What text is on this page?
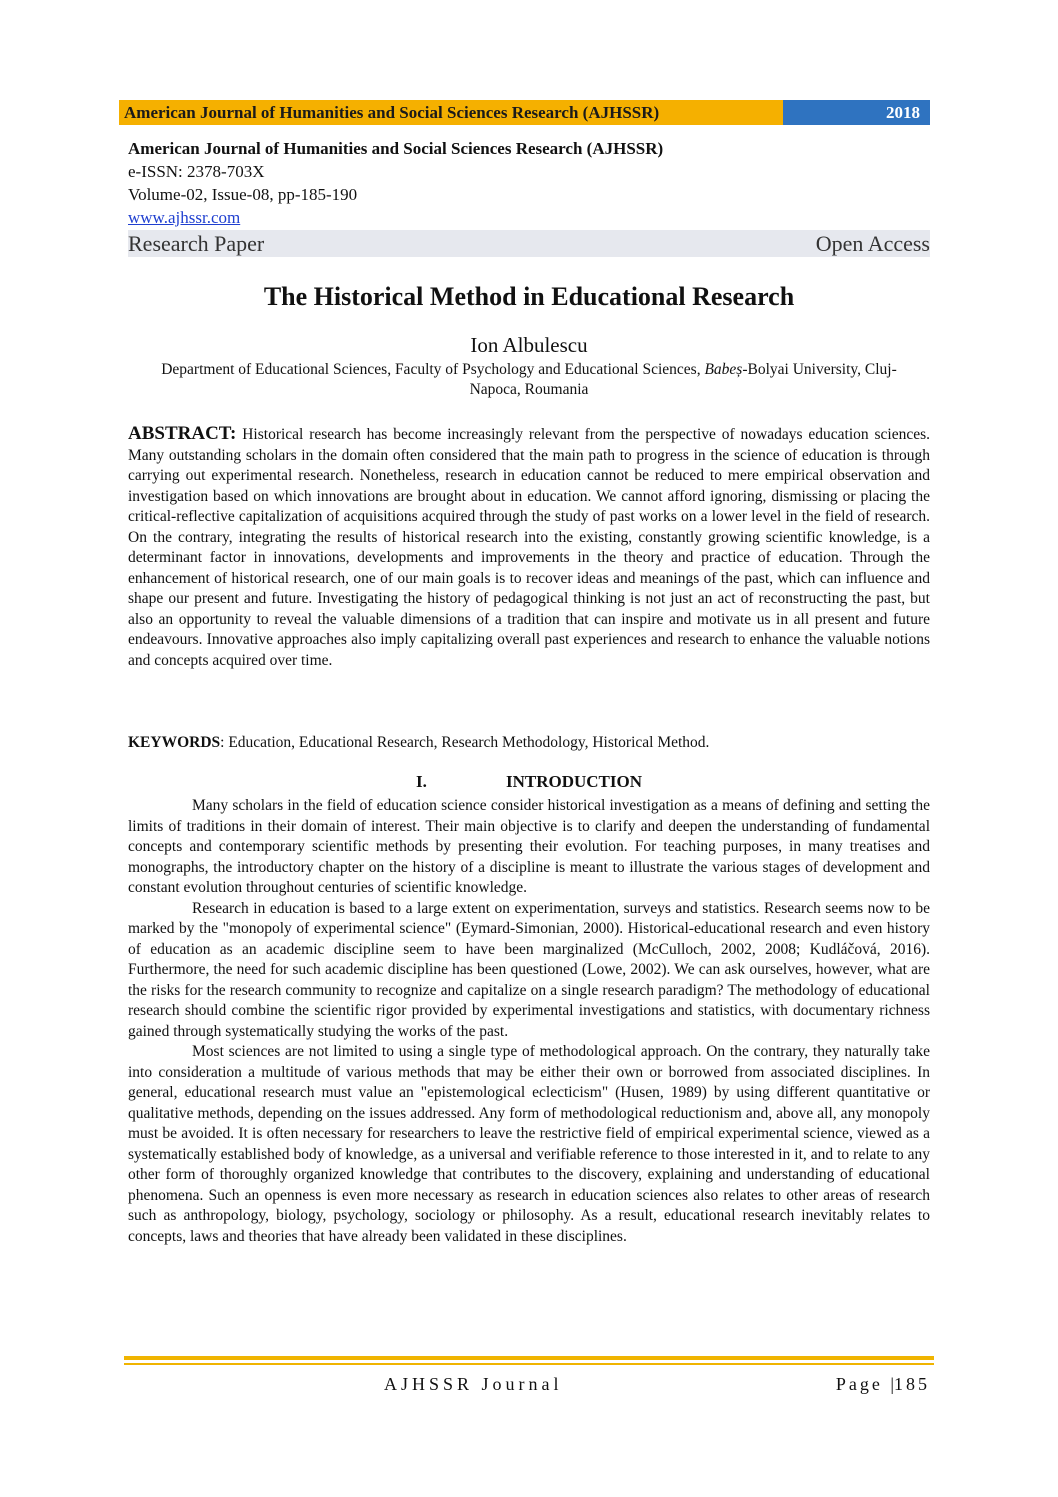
American Journal of Humanities and Social Sciences Research (AJHSSR)	2018
American Journal of Humanities and Social Sciences Research (AJHSSR)
e-ISSN: 2378-703X
Volume-02, Issue-08, pp-185-190
www.ajhssr.com
Research Paper	Open Access
The Historical Method in Educational Research
Ion Albulescu
Department of Educational Sciences, Faculty of Psychology and Educational Sciences, Babeș-Bolyai University, Cluj-Napoca, Roumania
ABSTRACT: Historical research has become increasingly relevant from the perspective of nowadays education sciences. Many outstanding scholars in the domain often considered that the main path to progress in the science of education is through carrying out experimental research. Nonetheless, research in education cannot be reduced to mere empirical observation and investigation based on which innovations are brought about in education. We cannot afford ignoring, dismissing or placing the critical-reflective capitalization of acquisitions acquired through the study of past works on a lower level in the field of research. On the contrary, integrating the results of historical research into the existing, constantly growing scientific knowledge, is a determinant factor in innovations, developments and improvements in the theory and practice of education. Through the enhancement of historical research, one of our main goals is to recover ideas and meanings of the past, which can influence and shape our present and future. Investigating the history of pedagogical thinking is not just an act of reconstructing the past, but also an opportunity to reveal the valuable dimensions of a tradition that can inspire and motivate us in all present and future endeavours. Innovative approaches also imply capitalizing overall past experiences and research to enhance the valuable notions and concepts acquired over time.
KEYWORDS: Education, Educational Research, Research Methodology, Historical Method.
I.	INTRODUCTION

Many scholars in the field of education science consider historical investigation as a means of defining and setting the limits of traditions in their domain of interest. Their main objective is to clarify and deepen the understanding of fundamental concepts and contemporary scientific methods by presenting their evolution. For teaching purposes, in many treatises and monographs, the introductory chapter on the history of a discipline is meant to illustrate the various stages of development and constant evolution throughout centuries of scientific knowledge.

Research in education is based to a large extent on experimentation, surveys and statistics. Research seems now to be marked by the "monopoly of experimental science" (Eymard-Simonian, 2000). Historical-educational research and even history of education as an academic discipline seem to have been marginalized (McCulloch, 2002, 2008; Kudláčová, 2016). Furthermore, the need for such academic discipline has been questioned (Lowe, 2002). We can ask ourselves, however, what are the risks for the research community to recognize and capitalize on a single research paradigm? The methodology of educational research should combine the scientific rigor provided by experimental investigations and statistics, with documentary richness gained through systematically studying the works of the past.

Most sciences are not limited to using a single type of methodological approach. On the contrary, they naturally take into consideration a multitude of various methods that may be either their own or borrowed from associated disciplines. In general, educational research must value an "epistemological eclecticism" (Husen, 1989) by using different quantitative or qualitative methods, depending on the issues addressed. Any form of methodological reductionism and, above all, any monopoly must be avoided. It is often necessary for researchers to leave the restrictive field of empirical experimental science, viewed as a systematically established body of knowledge, as a universal and verifiable reference to those interested in it, and to relate to any other form of thoroughly organized knowledge that contributes to the discovery, explaining and understanding of educational phenomena. Such an openness is even more necessary as research in education sciences also relates to other areas of research such as anthropology, biology, psychology, sociology or philosophy. As a result, educational research inevitably relates to concepts, laws and theories that have already been validated in these disciplines.

AJHSSR Journal	Page |185
